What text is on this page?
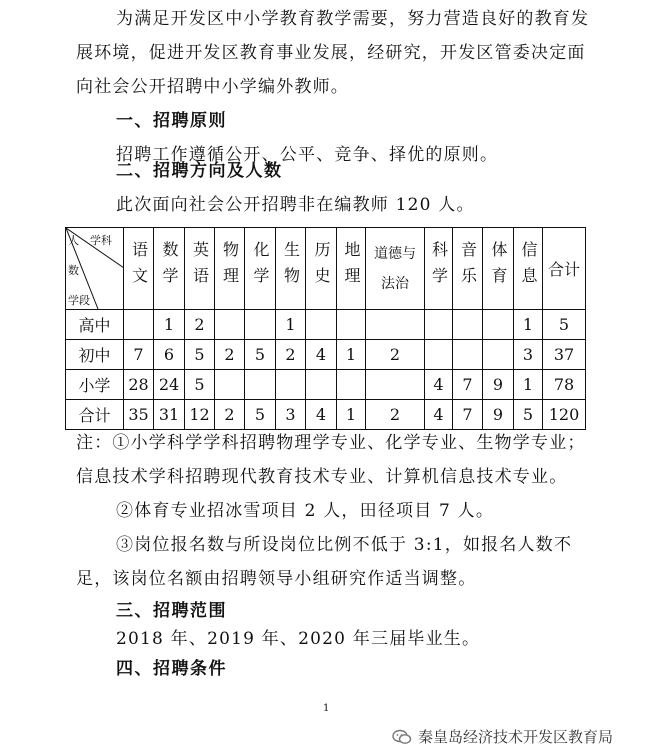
为满足开发区中小学教育教学需要，努力营造良好的教育发
展环境，促进开发区教育事业发展，经研究，开发区管委决定面
向社会公开招聘中小学编外教师。
一、招聘原则
招聘工作遵循公开、公平、竞争、择优的原则。
二、招聘方向及人数
此次面向社会公开招聘非在编教师 120 人。
人 学科
数
学段	语文	数学	英语	物理	化学	生物	历史	地理	道德与法治	科学	音乐	体育	信息	合计
高中		1	2			1							1	5
初中	7	6	5	2	5	2	4	1	2				3	37
小学	28	24	5							4	7	9	1	78
合计	35	31	12	2	5	3	4	1	2	4	7	9	5	120
注：①小学科学学科招聘物理学专业、化学专业、生物学专业；
信息技术学科招聘现代教育技术专业、计算机信息技术专业。
②体育专业招冰雪项目 2 人，田径项目 7 人。
③岗位报名数与所设岗位比例不低于 3:1，如报名人数不
足，该岗位名额由招聘领导小组研究作适当调整。
三、招聘范围
2018 年、2019 年、2020 年三届毕业生。
四、招聘条件
1
秦皇岛经济技术开发区教育局
